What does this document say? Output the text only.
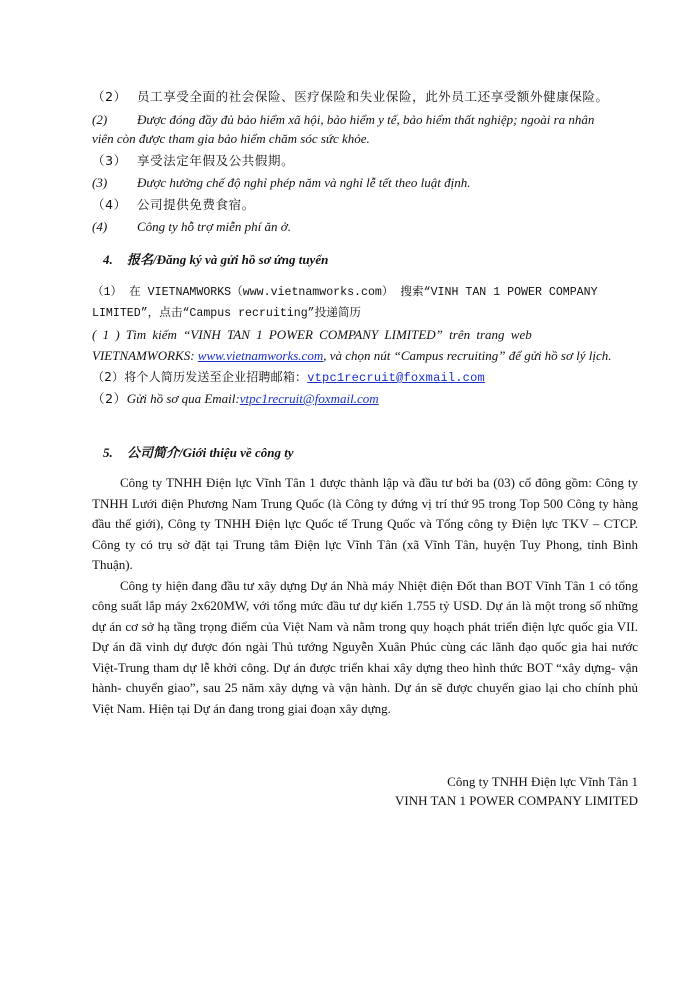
（2） 员工享受全面的社会保险、医疗保险和失业保险，此外员工还享受额外健康保险。
(2) Được đóng đầy đủ bảo hiểm xã hội, bảo hiểm y tế, bảo hiểm thất nghiệp; ngoài ra nhân
viên còn được tham gia bảo hiểm chăm sóc sức khỏe.
（3） 享受法定年假及公共假期。
(3) Được hưởng chế độ nghỉ phép năm và nghỉ lễ tết theo luật định.
（4） 公司提供免费食宿。
(4) Công ty hỗ trợ miễn phí ăn ở.
4. 报名/Đăng ký và gửi hồ sơ ứng tuyển
（1） 在 VIETNAMWORKS（www.vietnamworks.com） 搜索“VINH TAN 1 POWER COMPANY
LIMITED”，点击“Campus recruiting”投递简历
( 1 ) Tìm kiếm “VINH TAN 1 POWER COMPANY LIMITED” trên trang web
VIETNAMWORKS: www.vietnamworks.com, và chọn nút “Campus recruiting” để gửi hồ sơ lý lịch.
（2）将个人简历发送至企业招聘邮箱：vtpc1recruit@foxmail.com
（2）Gửi hồ sơ qua Email:vtpc1recruit@foxmail.com
5. 公司简介/Giới thiệu về công ty

Công ty TNHH Điện lực Vĩnh Tân 1 được thành lập và đầu tư bởi ba (03) cổ đông gồm: Công ty TNHH Lưới điện Phương Nam Trung Quốc (là Công ty đứng vị trí thứ 95 trong Top 500 Công ty hàng đầu thế giới), Công ty TNHH Điện lực Quốc tế Trung Quốc và Tổng công ty Điện lực TKV – CTCP. Công ty có trụ sở đặt tại Trung tâm Điện lực Vĩnh Tân (xã Vĩnh Tân, huyện Tuy Phong, tỉnh Bình Thuận).

Công ty hiện đang đầu tư xây dựng Dự án Nhà máy Nhiệt điện Đốt than BOT Vĩnh Tân 1 có tổng công suất lắp máy 2x620MW, với tổng mức đầu tư dự kiến 1.755 tỷ USD. Dự án là một trong số những dự án cơ sở hạ tầng trọng điểm của Việt Nam và nằm trong quy hoạch phát triển điện lực quốc gia VII. Dự án đã vinh dự được đón ngài Thủ tướng Nguyễn Xuân Phúc cùng các lãnh đạo quốc gia hai nước Việt-Trung tham dự lễ khởi công. Dự án được triển khai xây dựng theo hình thức BOT “xây dựng- vận hành- chuyển giao”, sau 25 năm xây dựng và vận hành. Dự án sẽ được chuyển giao lại cho chính phủ Việt Nam. Hiện tại Dự án đang trong giai đoạn xây dựng.

Công ty TNHH Điện lực Vĩnh Tân 1
VINH TAN 1 POWER COMPANY LIMITED
